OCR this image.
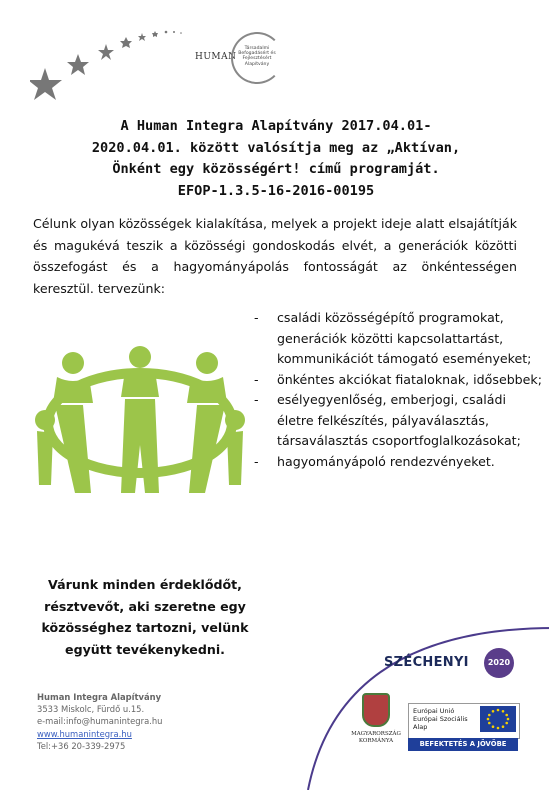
HUMAN
Társadalmi Befogadásért és Fejlesztésért Alapítvány
A Human Integra Alapítvány 2017.04.01-
2020.04.01. között valósítja meg az „Aktívan,
Önként egy közösségért! című programját.
EFOP-1.3.5-16-2016-00195
Célunk olyan közösségek kialakítása, melyek a projekt ideje alatt elsajátítják és magukévá teszik a közösségi gondoskodás elvét, a generációk közötti összefogást és a hagyományápolás fontosságát az önkéntességen keresztül. tervezünk:
- családi közösségépítő programokat, generációk közötti kapcsolattartást, kommunikációt támogató eseményeket;
- önkéntes akciókat fiataloknak, idősebbek;
- esélyegyenlőség, emberjogi, családi életre felkészítés, pályaválasztás, társaválasztás csoportfoglalkozásokat;
- hagyományápoló rendezvényeket.
Várunk minden érdeklődőt, résztvevőt, aki szeretne egy közösséghez tartozni, velünk együtt tevékenykedni.
Human Integra Alapítvány
3533 Miskolc, Fürdő u.15.
e-mail:info@humanintegra.hu
www.humanintegra.hu
Tel:+36 20-339-2975
SZÉCHENYI	2020
MAGYARORSZÁG
KORMÁNYA
Európai Unió
Európai Szociális
Alap
BEFEKTETÉS A JÖVŐBE
